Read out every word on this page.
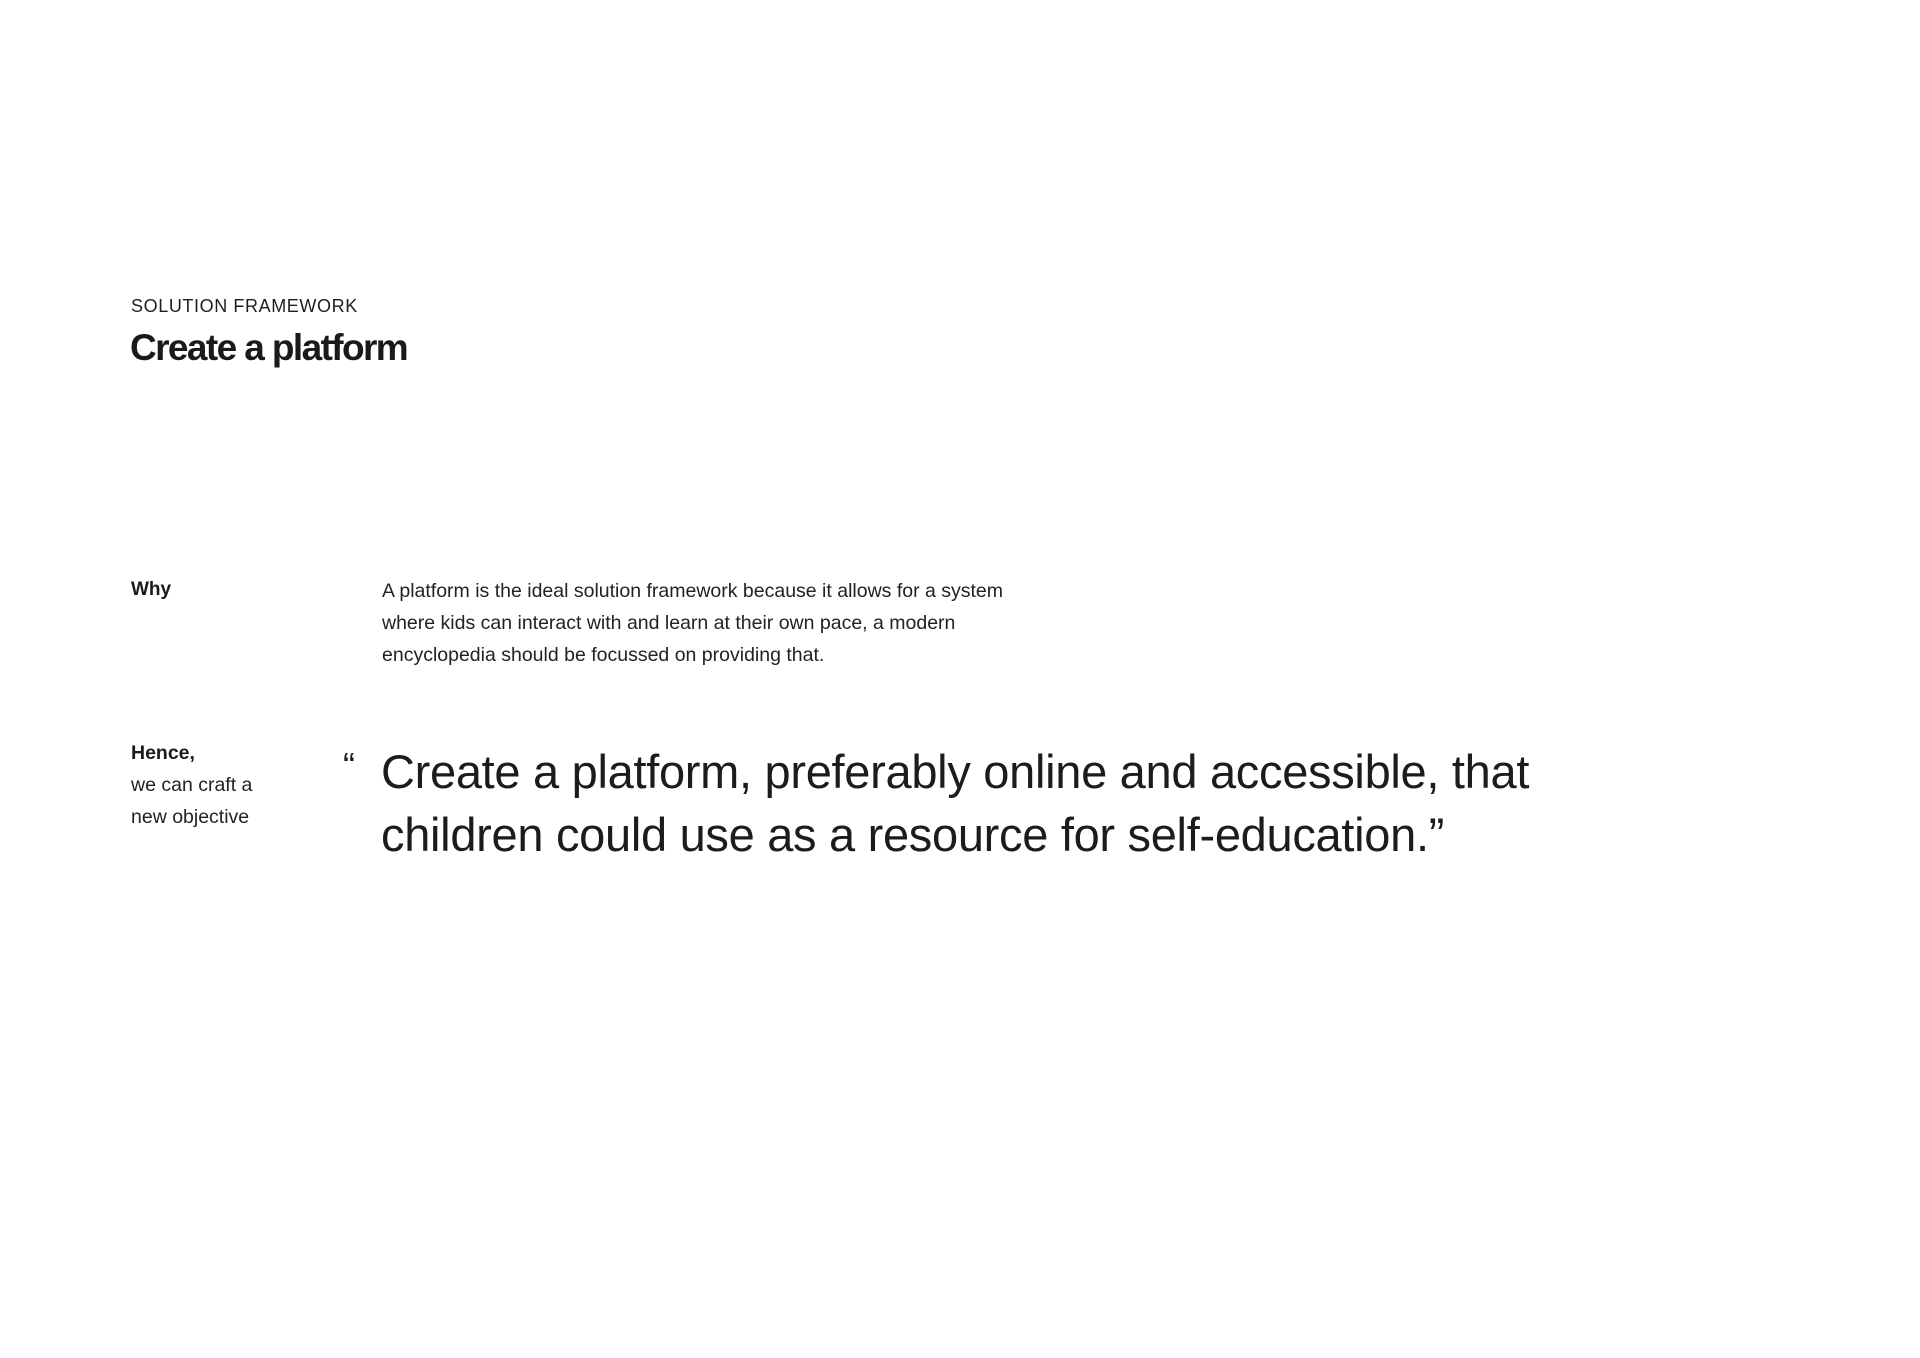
SOLUTION FRAMEWORK
Create a platform
Why	A platform is the ideal solution framework because it allows for a system where kids can interact with and learn at their own pace, a modern encyclopedia should be focussed on providing that.

Hence,
we can craft a
new objective
“ Create a platform, preferably online and accessible, that children could use as a resource for self-education.”
